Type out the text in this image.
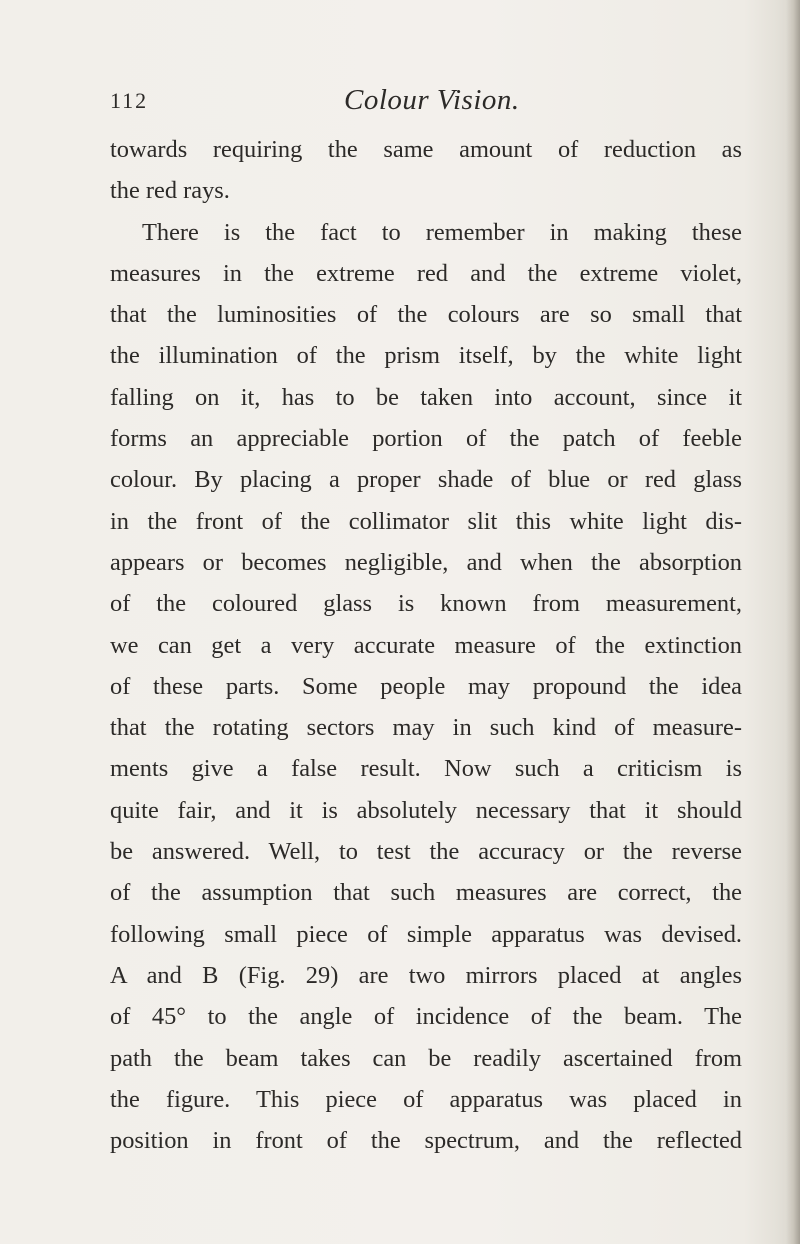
112	Colour Vision.
towards requiring the same amount of reduction as
the red rays.
There is the fact to remember in making these
measures in the extreme red and the extreme violet,
that the luminosities of the colours are so small that
the illumination of the prism itself, by the white light
falling on it, has to be taken into account, since it
forms an appreciable portion of the patch of feeble
colour. By placing a proper shade of blue or red glass
in the front of the collimator slit this white light dis-
appears or becomes negligible, and when the absorption
of the coloured glass is known from measurement,
we can get a very accurate measure of the extinction
of these parts. Some people may propound the idea
that the rotating sectors may in such kind of measure-
ments give a false result. Now such a criticism is
quite fair, and it is absolutely necessary that it should
be answered. Well, to test the accuracy or the reverse
of the assumption that such measures are correct, the
following small piece of simple apparatus was devised.
A and B (Fig. 29) are two mirrors placed at angles
of 45° to the angle of incidence of the beam. The
path the beam takes can be readily ascertained from
the figure. This piece of apparatus was placed in
position in front of the spectrum, and the reflected
